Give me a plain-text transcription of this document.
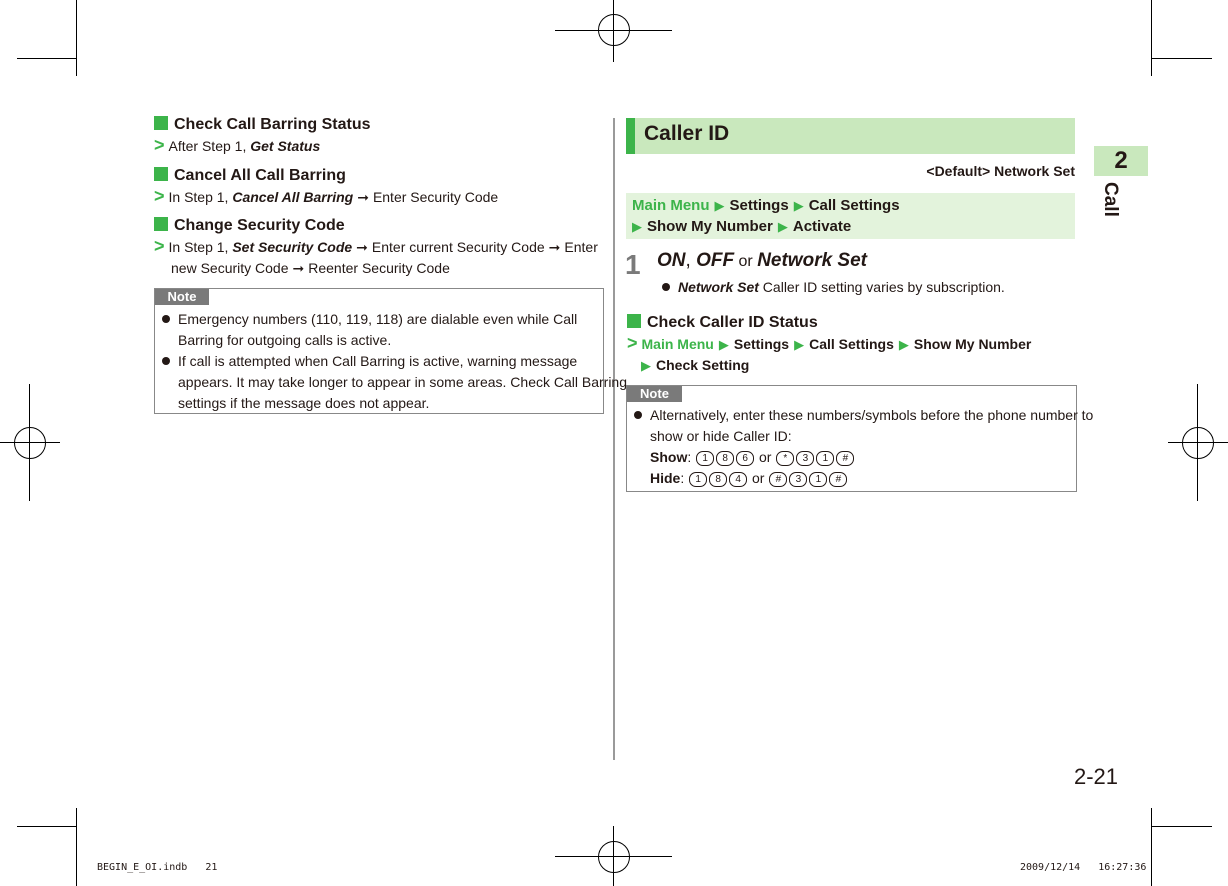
2
Call
Check Call Barring Status
> After Step 1, Get Status
Cancel All Call Barring
> In Step 1, Cancel All Barring ➞ Enter Security Code
Change Security Code
> In Step 1, Set Security Code ➞ Enter current Security Code ➞ Enter
new Security Code ➞ Reenter Security Code
Note
Emergency numbers (110, 119, 118) are dialable even while Call
Barring for outgoing calls is active.
If call is attempted when Call Barring is active, warning message
appears. It may take longer to appear in some areas. Check Call Barring
settings if the message does not appear.
Caller ID
<Default> Network Set
Main Menu ▶ Settings ▶ Call Settings
▶ Show My Number ▶ Activate
1 ON, OFF or Network Set
Network Set Caller ID setting varies by subscription.
Check Caller ID Status
> Main Menu ▶ Settings ▶ Call Settings ▶ Show My Number
▶ Check Setting
Note
Alternatively, enter these numbers/symbols before the phone number to
show or hide Caller ID:
Show: 1 8 6 or * 3 1 #
Hide: 1 8 4 or # 3 1 #
2-21
BEGIN_E_OI.indb 21	2009/12/14 16:27:36
